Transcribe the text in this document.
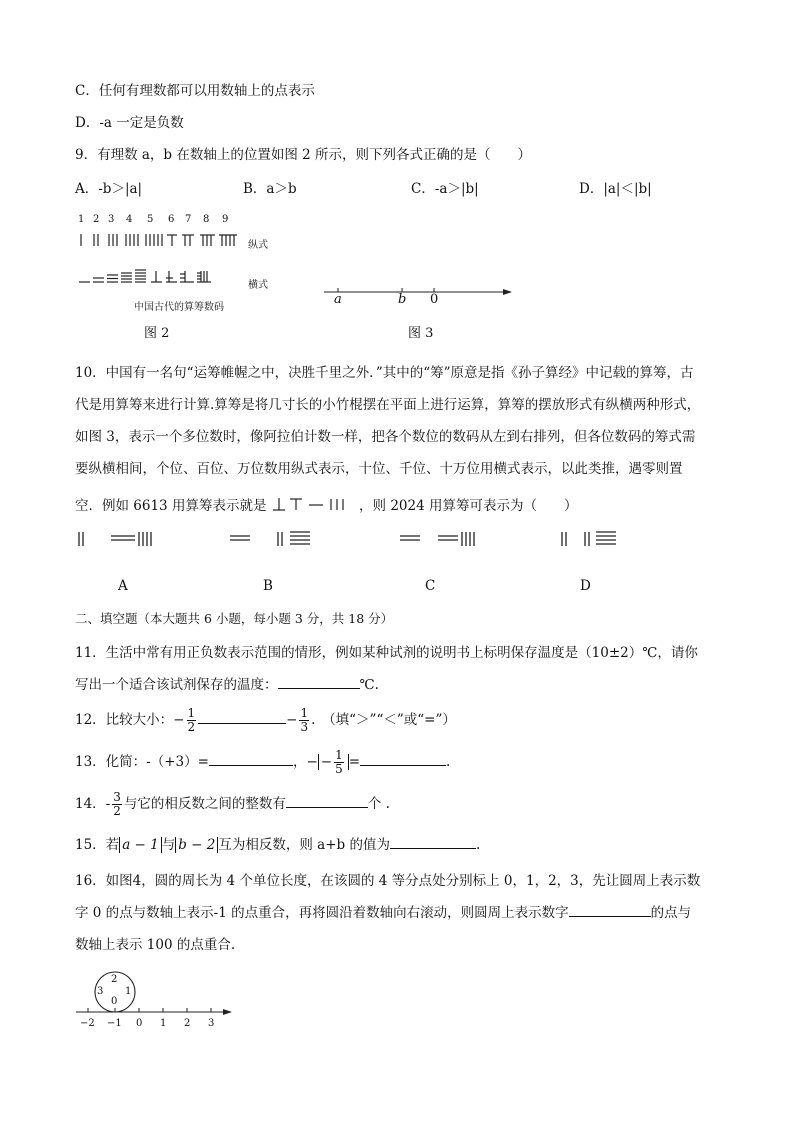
C．任何有理数都可以用数轴上的点表示
D．-a 一定是负数
9．有理数 a，b 在数轴上的位置如图 2 所示，则下列各式正确的是（　　）
A．-b＞|a|	B．a＞b	C．-a＞|b|	D．|a|＜|b|
1 2 3 4 5 6 7 8 9
纵式
横式
中国古代的算筹数码
图 2
a	b 0
图 3
10．中国有一名句“运筹帷幄之中，决胜千里之外．”其中的“筹”原意是指《孙子算经》中记载的算筹，古
代是用算筹来进行计算.算筹是将几寸长的小竹棍摆在平面上进行运算，算筹的摆放形式有纵横两种形式，
如图 3，表示一个多位数时，像阿拉伯计数一样，把各个数位的数码从左到右排列，但各位数码的筹式需
要纵横相间，个位、百位、万位数用纵式表示，十位、千位、十万位用横式表示，以此类推，遇零则置
空．例如 6613 用算筹表示就是	，则 2024 用算筹可表示为（　　）
A	B	C	D
二、填空题（本大题共 6 小题，每小题 3 分，共 18 分）
11．生活中常有用正负数表示范围的情形，例如某种试剂的说明书上标明保存温度是（10±2）℃，请你
写出一个适合该试剂保存的温度：	℃.
12．比较大小：− $\frac{1}{2}$	− $\frac{1}{3}$ .　（填“＞”“＜”或“=”）
13．化简：-（+3）=	，− − $\frac{1}{5}$ =	.
14．- $\frac{3}{2}$ 与它的相反数之间的整数有	个 .
15．若 a − 1 与 b − 2 互为相反数，则 a+b 的值为	.
16．如图4，圆的周长为 4 个单位长度，在该圆的 4 等分点处分别标上 0，1，2，3，先让圆周上表示数
字 0 的点与数轴上表示-1 的点重合，再将圆沿着数轴向右滚动，则圆周上表示数字	的点与
数轴上表示 100 的点重合.
2
3 1
0
−2 −1 0 1 2 3
